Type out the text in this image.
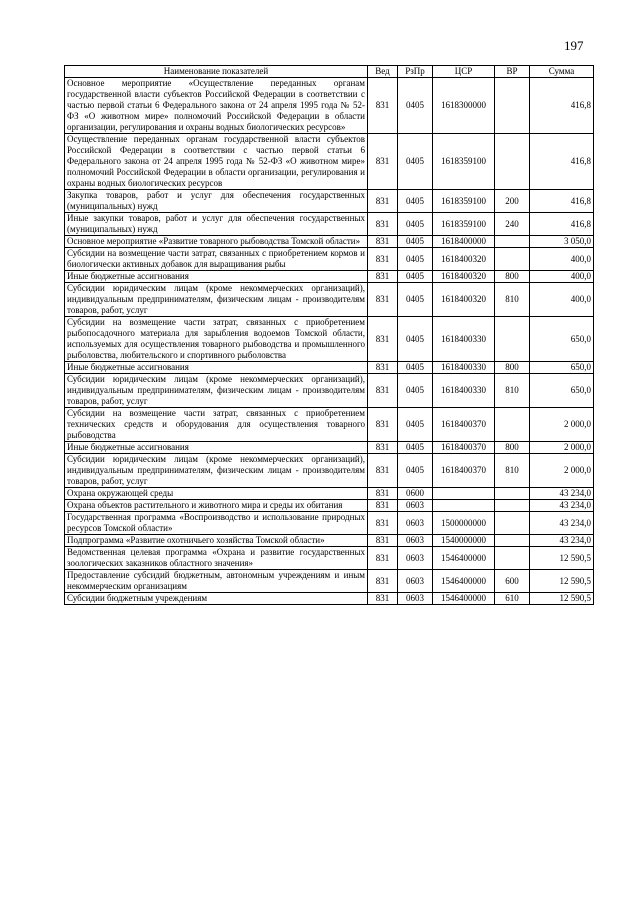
197
Наименование показателей	Вед	РзПр	ЦСР	ВР	Сумма
Основное мероприятие «Осуществление переданных органам государственной власти субъектов Российской Федерации в соответствии с частью первой статьи 6 Федерального закона от 24 апреля 1995 года № 52-ФЗ «О животном мире» полномочий Российской Федерации в области организации, регулирования и охраны водных биологических ресурсов»	831	0405	1618300000		416,8
Осуществление переданных органам государственной власти субъектов Российской Федерации в соответствии с частью первой статьи 6 Федерального закона от 24 апреля 1995 года № 52-ФЗ «О животном мире» полномочий Российской Федерации в области организации, регулирования и охраны водных биологических ресурсов	831	0405	1618359100		416,8
Закупка товаров, работ и услуг для обеспечения государственных (муниципальных) нужд	831	0405	1618359100	200	416,8
Иные закупки товаров, работ и услуг для обеспечения государственных (муниципальных) нужд	831	0405	1618359100	240	416,8
Основное мероприятие «Развитие товарного рыбоводства Томской области»	831	0405	1618400000		3 050,0
Субсидии на возмещение части затрат, связанных с приобретением кормов и биологически активных добавок для выращивания рыбы	831	0405	1618400320		400,0
Иные бюджетные ассигнования	831	0405	1618400320	800	400,0
Субсидии юридическим лицам (кроме некоммерческих организаций), индивидуальным предпринимателям, физическим лицам - производителям товаров, работ, услуг	831	0405	1618400320	810	400,0
Субсидии на возмещение части затрат, связанных с приобретением рыбопосадочного материала для зарыбления водоемов Томской области, используемых для осуществления товарного рыбоводства и промышленного рыболовства, любительского и спортивного рыболовства	831	0405	1618400330		650,0
Иные бюджетные ассигнования	831	0405	1618400330	800	650,0
Субсидии юридическим лицам (кроме некоммерческих организаций), индивидуальным предпринимателям, физическим лицам - производителям товаров, работ, услуг	831	0405	1618400330	810	650,0
Субсидии на возмещение части затрат, связанных с приобретением технических средств и оборудования для осуществления товарного рыбоводства	831	0405	1618400370		2 000,0
Иные бюджетные ассигнования	831	0405	1618400370	800	2 000,0
Субсидии юридическим лицам (кроме некоммерческих организаций), индивидуальным предпринимателям, физическим лицам - производителям товаров, работ, услуг	831	0405	1618400370	810	2 000,0
Охрана окружающей среды	831	0600			43 234,0
Охрана объектов растительного и животного мира и среды их обитания	831	0603			43 234,0
Государственная программа «Воспроизводство и использование природных ресурсов Томской области»	831	0603	1500000000		43 234,0
Подпрограмма «Развитие охотничьего хозяйства Томской области»	831	0603	1540000000		43 234,0
Ведомственная целевая программа «Охрана и развитие государственных зоологических заказников областного значения»	831	0603	1546400000		12 590,5
Предоставление субсидий бюджетным, автономным учреждениям и иным некоммерческим организациям	831	0603	1546400000	600	12 590,5
Субсидии бюджетным учреждениям	831	0603	1546400000	610	12 590,5
